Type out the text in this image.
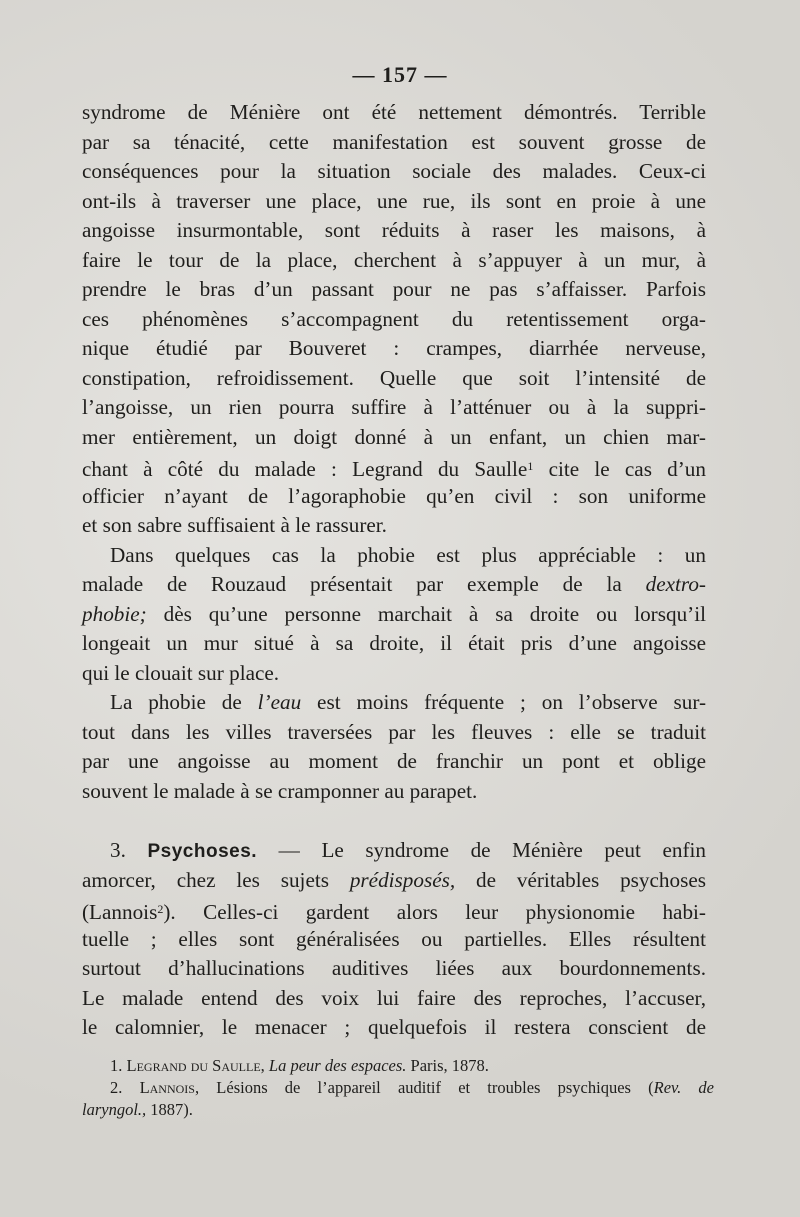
— 157 —
syndrome de Ménière ont été nettement démontrés. Terrible
par sa ténacité, cette manifestation est souvent grosse de
conséquences pour la situation sociale des malades. Ceux-ci
ont-ils à traverser une place, une rue, ils sont en proie à une
angoisse insurmontable, sont réduits à raser les maisons, à
faire le tour de la place, cherchent à s’appuyer à un mur, à
prendre le bras d’un passant pour ne pas s’affaisser. Parfois
ces phénomènes s’accompagnent du retentissement orga-
nique étudié par Bouveret : crampes, diarrhée nerveuse,
constipation, refroidissement. Quelle que soit l’intensité de
l’angoisse, un rien pourra suffire à l’atténuer ou à la suppri-
mer entièrement, un doigt donné à un enfant, un chien mar-
chant à côté du malade : Legrand du Saulle$^1$ cite le cas d’un
officier n’ayant de l’agoraphobie qu’en civil : son uniforme
et son sabre suffisaient à le rassurer.
Dans quelques cas la phobie est plus appréciable : un
malade de Rouzaud présentait par exemple de la dextro-
phobie; dès qu’une personne marchait à sa droite ou lorsqu’il
longeait un mur situé à sa droite, il était pris d’une angoisse
qui le clouait sur place.
La phobie de l’eau est moins fréquente ; on l’observe sur-
tout dans les villes traversées par les fleuves : elle se traduit
par une angoisse au moment de franchir un pont et oblige
souvent le malade à se cramponner au parapet.
3. Psychoses. — Le syndrome de Ménière peut enfin
amorcer, chez les sujets prédisposés, de véritables psychoses
(Lannois$^2$). Celles-ci gardent alors leur physionomie habi-
tuelle ; elles sont généralisées ou partielles. Elles résultent
surtout d’hallucinations auditives liées aux bourdonnements.
Le malade entend des voix lui faire des reproches, l’accuser,
le calomnier, le menacer ; quelquefois il restera conscient de
1. Legrand du Saulle, La peur des espaces. Paris, 1878.
2. Lannois, Lésions de l’appareil auditif et troubles psychiques (Rev. de
laryngol., 1887).
